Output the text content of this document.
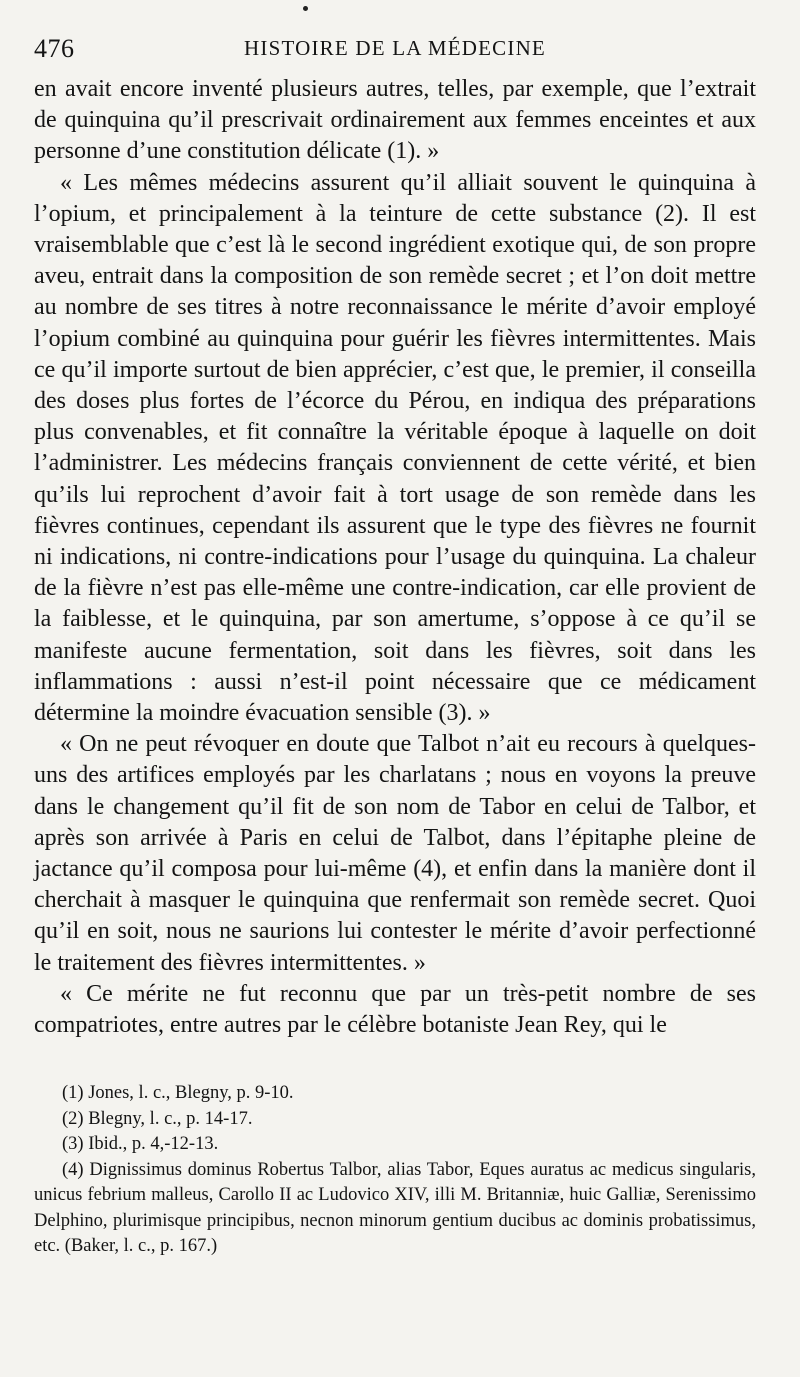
476	HISTOIRE DE LA MÉDECINE

en avait encore inventé plusieurs autres, telles, par exemple, que l’extrait de quinquina qu’il prescrivait ordinairement aux femmes enceintes et aux personne d’une constitution délicate (1). »

« Les mêmes médecins assurent qu’il alliait souvent le quinquina à l’opium, et principalement à la teinture de cette substance (2). Il est vraisemblable que c’est là le second ingrédient exotique qui, de son propre aveu, entrait dans la composition de son remède secret ; et l’on doit mettre au nombre de ses titres à notre reconnaissance le mérite d’avoir employé l’opium combiné au quinquina pour guérir les fièvres intermittentes. Mais ce qu’il importe surtout de bien apprécier, c’est que, le premier, il conseilla des doses plus fortes de l’écorce du Pérou, en indiqua des préparations plus convenables, et fit connaître la véritable époque à laquelle on doit l’administrer. Les médecins français conviennent de cette vérité, et bien qu’ils lui reprochent d’avoir fait à tort usage de son remède dans les fièvres continues, cependant ils assurent que le type des fièvres ne fournit ni indications, ni contre-indications pour l’usage du quinquina. La chaleur de la fièvre n’est pas elle-même une contre-indication, car elle provient de la faiblesse, et le quinquina, par son amertume, s’oppose à ce qu’il se manifeste aucune fermentation, soit dans les fièvres, soit dans les inflammations : aussi n’est-il point nécessaire que ce médicament détermine la moindre évacuation sensible (3). »

« On ne peut révoquer en doute que Talbot n’ait eu recours à quelques-uns des artifices employés par les charlatans ; nous en voyons la preuve dans le changement qu’il fit de son nom de Tabor en celui de Talbor, et après son arrivée à Paris en celui de Talbot, dans l’épitaphe pleine de jactance qu’il composa pour lui-même (4), et enfin dans la manière dont il cherchait à masquer le quinquina que renfermait son remède secret. Quoi qu’il en soit, nous ne saurions lui contester le mérite d’avoir perfectionné le traitement des fièvres intermittentes. »

« Ce mérite ne fut reconnu que par un très-petit nombre de ses compatriotes, entre autres par le célèbre botaniste Jean Rey, qui le

(1) Jones, l. c., Blegny, p. 9-10.

(2) Blegny, l. c., p. 14-17.

(3) Ibid., p. 4,-12-13.

(4) Dignissimus dominus Robertus Talbor, alias Tabor, Eques auratus ac medicus singularis, unicus febrium malleus, Carollo II ac Ludovico XIV, illi M. Britanniæ, huic Galliæ, Serenissimo Delphino, plurimisque principibus, necnon minorum gentium ducibus ac dominis probatissimus, etc. (Baker, l. c., p. 167.)
